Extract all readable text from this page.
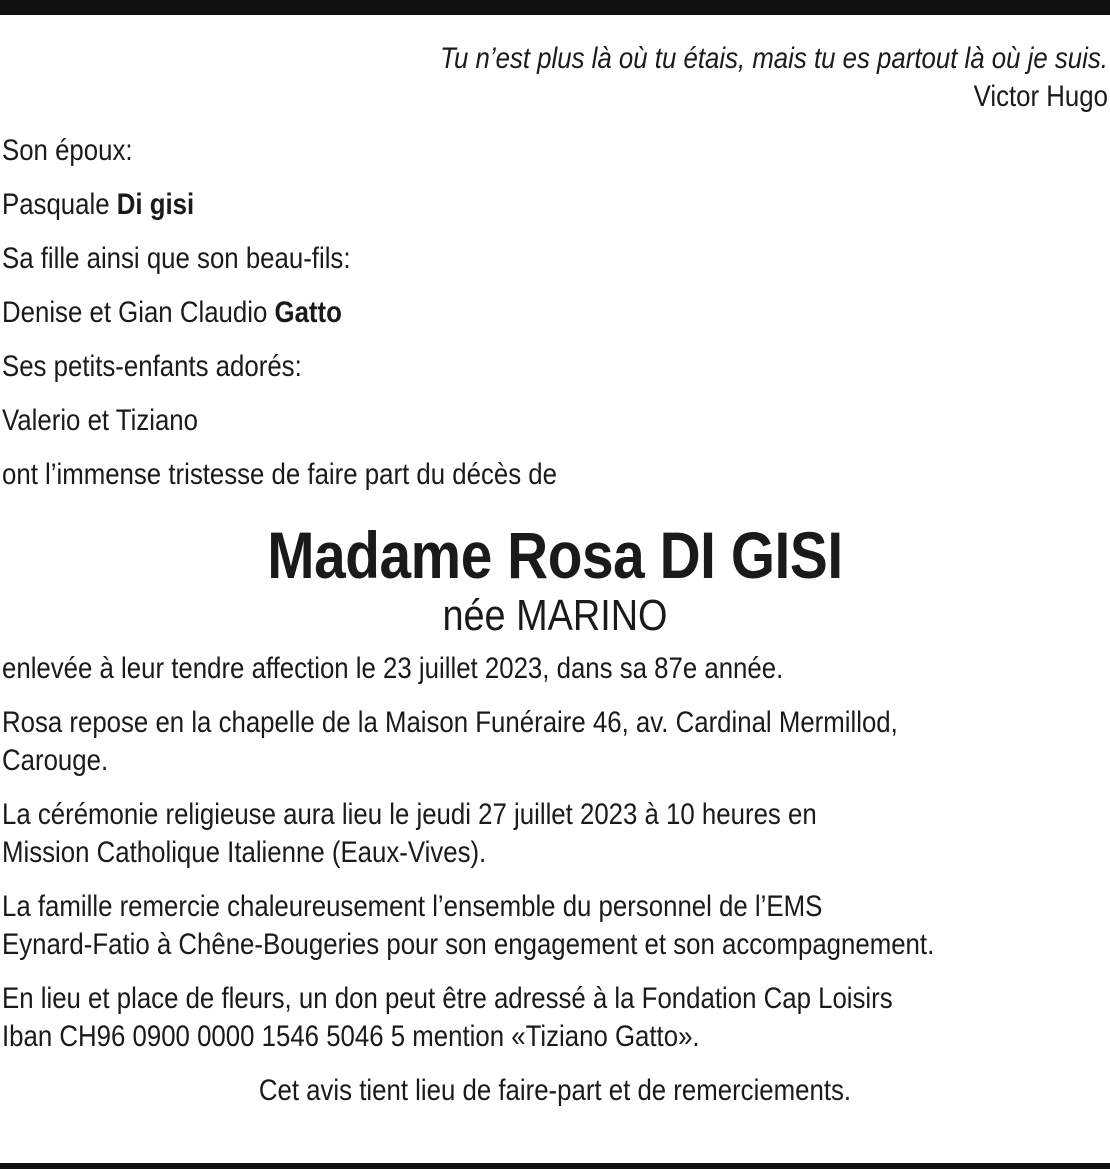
Tu n’est plus là où tu étais, mais tu es partout là où je suis.
Victor Hugo

Son époux:

Pasquale Di gisi

Sa fille ainsi que son beau-fils:

Denise et Gian Claudio Gatto

Ses petits-enfants adorés:

Valerio et Tiziano

ont l’immense tristesse de faire part du décès de

Madame Rosa DI GISI
née MARINO

enlevée à leur tendre affection le 23 juillet 2023, dans sa 87e année.

Rosa repose en la chapelle de la Maison Funéraire 46, av. Cardinal Mermillod,
Carouge.
La cérémonie religieuse aura lieu le jeudi 27 juillet 2023 à 10 heures en
Mission Catholique Italienne (Eaux-Vives).
La famille remercie chaleureusement l’ensemble du personnel de l’EMS
Eynard-Fatio à Chêne-Bougeries pour son engagement et son accompagnement.
En lieu et place de fleurs, un don peut être adressé à la Fondation Cap Loisirs
Iban CH96 0900 0000 1546 5046 5 mention «Tiziano Gatto».

Cet avis tient lieu de faire-part et de remerciements.
